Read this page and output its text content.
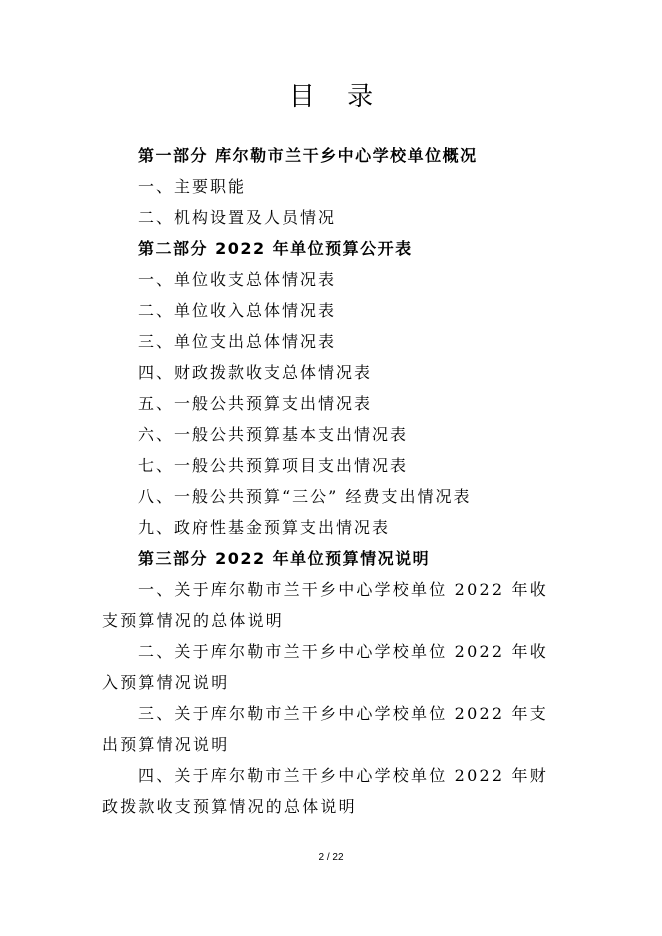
目 录
第一部分 库尔勒市兰干乡中心学校单位概况
一、主要职能
二、机构设置及人员情况
第二部分 2022 年单位预算公开表
一、单位收支总体情况表
二、单位收入总体情况表
三、单位支出总体情况表
四、财政拨款收支总体情况表
五、一般公共预算支出情况表
六、一般公共预算基本支出情况表
七、一般公共预算项目支出情况表
八、一般公共预算“三公” 经费支出情况表
九、政府性基金预算支出情况表
第三部分 2022 年单位预算情况说明
一、关于库尔勒市兰干乡中心学校单位 2022 年收支预算情况的总体说明
二、关于库尔勒市兰干乡中心学校单位 2022 年收入预算情况说明
三、关于库尔勒市兰干乡中心学校单位 2022 年支出预算情况说明
四、关于库尔勒市兰干乡中心学校单位 2022 年财政拨款收支预算情况的总体说明
2 / 22
